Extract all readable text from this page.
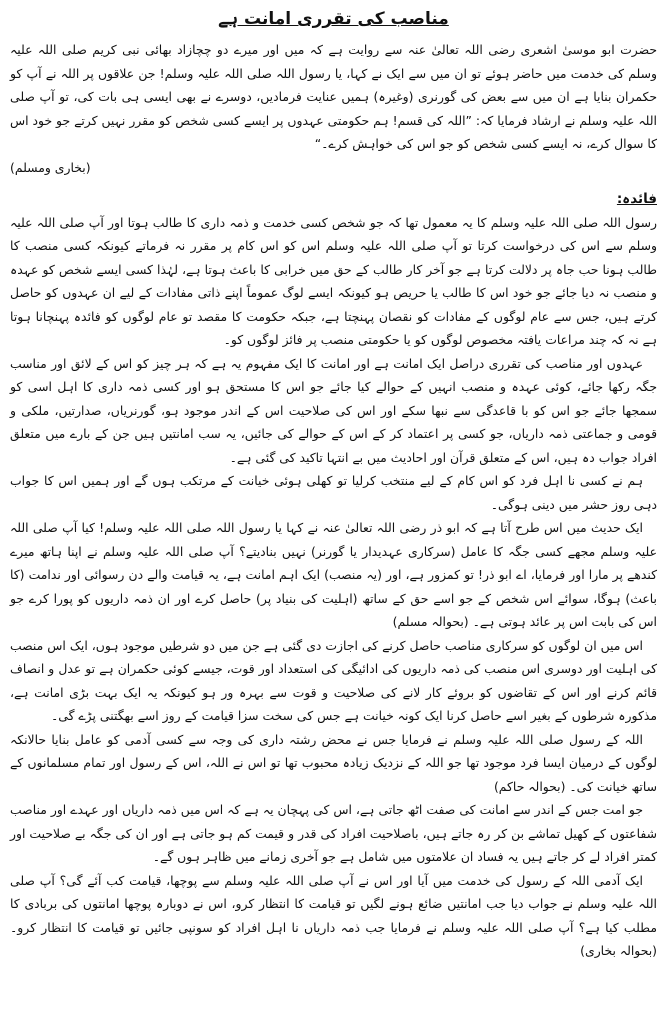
مناصب کی تقرری امانت ہے

حضرت ابو موسیٰ اشعری رضی اللہ تعالیٰ عنہ سے روایت ہے کہ میں اور میرے دو چچازاد بھائی نبی کریم صلی اللہ علیہ وسلم کی خدمت میں حاضر ہوئے تو ان میں سے ایک نے کہا، یا رسول اللہ صلی اللہ علیہ وسلم! جن علاقوں پر اللہ نے آپ کو حکمران بنایا ہے ان میں سے بعض کی گورنری (وغیرہ) ہمیں عنایت فرمادیں، دوسرے نے بھی ایسی ہی بات کی، تو آپ صلی اللہ علیہ وسلم نے ارشاد فرمایا کہ: ”اللہ کی قسم! ہم حکومتی عہدوں پر ایسے کسی شخص کو مقرر نہیں کرتے جو خود اس کا سوال کرے، نہ ایسے کسی شخص کو جو اس کی خواہش کرے۔“

(بخاری ومسلم)
فائدہ:

رسول اللہ صلی اللہ علیہ وسلم کا یہ معمول تھا کہ جو شخص کسی خدمت و ذمہ داری کا طالب ہوتا اور آپ صلی اللہ علیہ وسلم سے اس کی درخواست کرتا تو آپ صلی اللہ علیہ وسلم اس کو اس کام پر مقرر نہ فرماتے کیونکہ کسی منصب کا طالب ہونا حب جاہ پر دلالت کرتا ہے جو آخر کار طالب کے حق میں خرابی کا باعث ہوتا ہے، لہٰذا کسی ایسے شخص کو عہدہ و منصب نہ دیا جائے جو خود اس کا طالب یا حریص ہو کیونکہ ایسے لوگ عموماً اپنے ذاتی مفادات کے لیے ان عہدوں کو حاصل کرتے ہیں، جس سے عام لوگوں کے مفادات کو نقصان پہنچتا ہے، جبکہ حکومت کا مقصد تو عام لوگوں کو فائدہ پہنچانا ہوتا ہے نہ کہ چند مراعات یافتہ مخصوص لوگوں کو یا حکومتی منصب پر فائز لوگوں کو۔

عہدوں اور مناصب کی تقرری دراصل ایک امانت ہے اور امانت کا ایک مفہوم یہ ہے کہ ہر چیز کو اس کے لائق اور مناسب جگہ رکھا جائے، کوئی عہدہ و منصب انہیں کے حوالے کیا جائے جو اس کا مستحق ہو اور کسی ذمہ داری کا اہل اسی کو سمجھا جائے جو اس کو با قاعدگی سے نبھا سکے اور اس کی صلاحیت اس کے اندر موجود ہو، گورنریاں، صدارتیں، ملکی و قومی و جماعتی ذمہ داریاں، جو کسی پر اعتماد کر کے اس کے حوالے کی جائیں، یہ سب امانتیں ہیں جن کے بارے میں متعلق افراد جواب دہ ہیں، اس کے متعلق قرآن اور احادیث میں بے انتہا تاکید کی گئی ہے۔

ہم نے کسی نا اہل فرد کو اس کام کے لیے منتخب کرلیا تو کھلی ہوئی خیانت کے مرتکب ہوں گے اور ہمیں اس کا جواب دہی روز حشر میں دینی ہوگی۔

ایک حدیث میں اس طرح آتا ہے کہ ابو ذر رضی اللہ تعالیٰ عنہ نے کہا یا رسول اللہ صلی اللہ علیہ وسلم! کیا آپ صلی اللہ علیہ وسلم مجھے کسی جگہ کا عامل (سرکاری عہدیدار یا گورنر) نہیں بنادیتے؟ آپ صلی اللہ علیہ وسلم نے اپنا ہاتھ میرے کندھے پر مارا اور فرمایا، اے ابو ذر! تو کمزور ہے، اور (یہ منصب) ایک اہم امانت ہے، یہ قیامت والے دن رسوائی اور ندامت (کا باعث) ہوگا، سوائے اس شخص کے جو اسے حق کے ساتھ (اہلیت کی بنیاد پر) حاصل کرے اور ان ذمہ داریوں کو پورا کرے جو اس کی بابت اس پر عائد ہوتی ہے۔ (بحوالہ مسلم)

اس میں ان لوگوں کو سرکاری مناصب حاصل کرنے کی اجازت دی گئی ہے جن میں دو شرطیں موجود ہوں، ایک اس منصب کی اہلیت اور دوسری اس منصب کی ذمہ داریوں کی ادائیگی کی استعداد اور قوت، جیسے کوئی حکمران ہے تو عدل و انصاف قائم کرنے اور اس کے تقاضوں کو بروئے کار لانے کی صلاحیت و قوت سے بہرہ ور ہو کیونکہ یہ ایک بہت بڑی امانت ہے، مذکورہ شرطوں کے بغیر اسے حاصل کرنا ایک کونہ خیانت ہے جس کی سخت سزا قیامت کے روز اسے بھگتنی پڑے گی۔

اللہ کے رسول صلی اللہ علیہ وسلم نے فرمایا جس نے محض رشتہ داری کی وجہ سے کسی آدمی کو عامل بنایا حالانکہ لوگوں کے درمیان ایسا فرد موجود تھا جو اللہ کے نزدیک زیادہ محبوب تھا تو اس نے اللہ، اس کے رسول اور تمام مسلمانوں کے ساتھ خیانت کی۔ (بحوالہ حاکم)

جو امت جس کے اندر سے امانت کی صفت اٹھ جاتی ہے، اس کی پہچان یہ ہے کہ اس میں ذمہ داریاں اور عہدے اور مناصب شفاعتوں کے کھیل تماشے بن کر رہ جاتے ہیں، باصلاحیت افراد کی قدر و قیمت کم ہو جاتی ہے اور ان کی جگہ بے صلاحیت اور کمتر افراد لے کر جاتے ہیں یہ فساد ان علامتوں میں شامل ہے جو آخری زمانے میں ظاہر ہوں گے۔

ایک آدمی اللہ کے رسول کی خدمت میں آیا اور اس نے آپ صلی اللہ علیہ وسلم سے پوچھا، قیامت کب آئے گی؟ آپ صلی اللہ علیہ وسلم نے جواب دیا جب امانتیں ضائع ہونے لگیں تو قیامت کا انتظار کرو، اس نے دوبارہ پوچھا امانتوں کی بربادی کا مطلب کیا ہے؟ آپ صلی اللہ علیہ وسلم نے فرمایا جب ذمہ داریاں نا اہل افراد کو سونپی جائیں تو قیامت کا انتظار کرو۔ (بحوالہ بخاری)
